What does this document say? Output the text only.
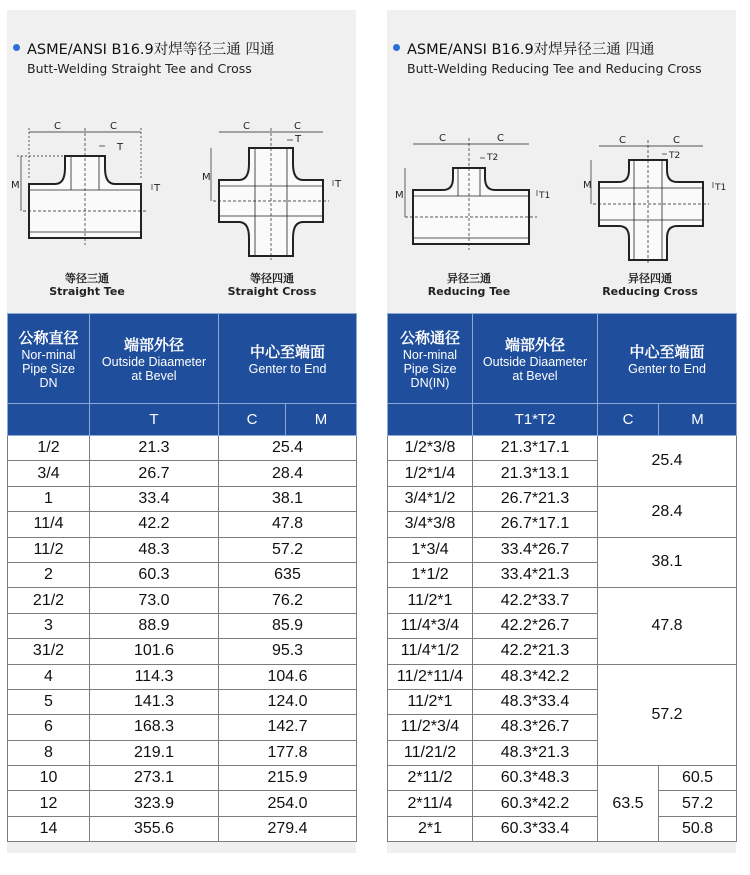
ASME/ANSI B16.9对焊等径三通 四通
Butt-Welding Straight Tee and Cross
C	C
M
T
T
C	C
M
T
T
等径三通
Straight Tee
等径四通
Straight Cross
公称直径
Nor-minal
Pipe Size
DN	端部外径
Outside Diaameter
at Bevel	中心至端面
Genter to End	

	T	C	M
1/2	21.3	25.4	
3/4	26.7	28.4	
1	33.4	38.1	
11/4	42.2	47.8	
11/2	48.3	57.2	
2	60.3	635	
21/2	73.0	76.2	
3	88.9	85.9	
31/2	101.6	95.3	
4	114.3	104.6	
5	141.3	124.0	
6	168.3	142.7	
8	219.1	177.8	
10	273.1	215.9	
12	323.9	254.0	
14	355.6	279.4	
ASME/ANSI B16.9对焊异径三通 四通
Butt-Welding Reducing Tee and Reducing Cross
C	C
M
T2
T1
C	C
M
T2
T1
异径三通
Reducing Tee
异径四通
Reducing Cross
公称通径
Nor-minal
Pipe Size
DN(IN)	端部外径
Outside Diaameter
at Bevel	中心至端面
Genter to End	

	T1*T2	C	M
1/2*3/8	21.3*17.1	25.4	
1/2*1/4	21.3*13.1		
3/4*1/2	26.7*21.3	28.4	
3/4*3/8	26.7*17.1		
1*3/4	33.4*26.7	38.1	
1*1/2	33.4*21.3		
11/2*1	42.2*33.7	47.8	
11/4*3/4	42.2*26.7		
11/4*1/2	42.2*21.3		
11/2*11/4	48.3*42.2	57.2	
11/2*1	48.3*33.4		
11/2*3/4	48.3*26.7		
11/21/2	48.3*21.3		
2*11/2	60.3*48.3	63.5	60.5
2*11/4	60.3*42.2		57.2
2*1	60.3*33.4		50.8
